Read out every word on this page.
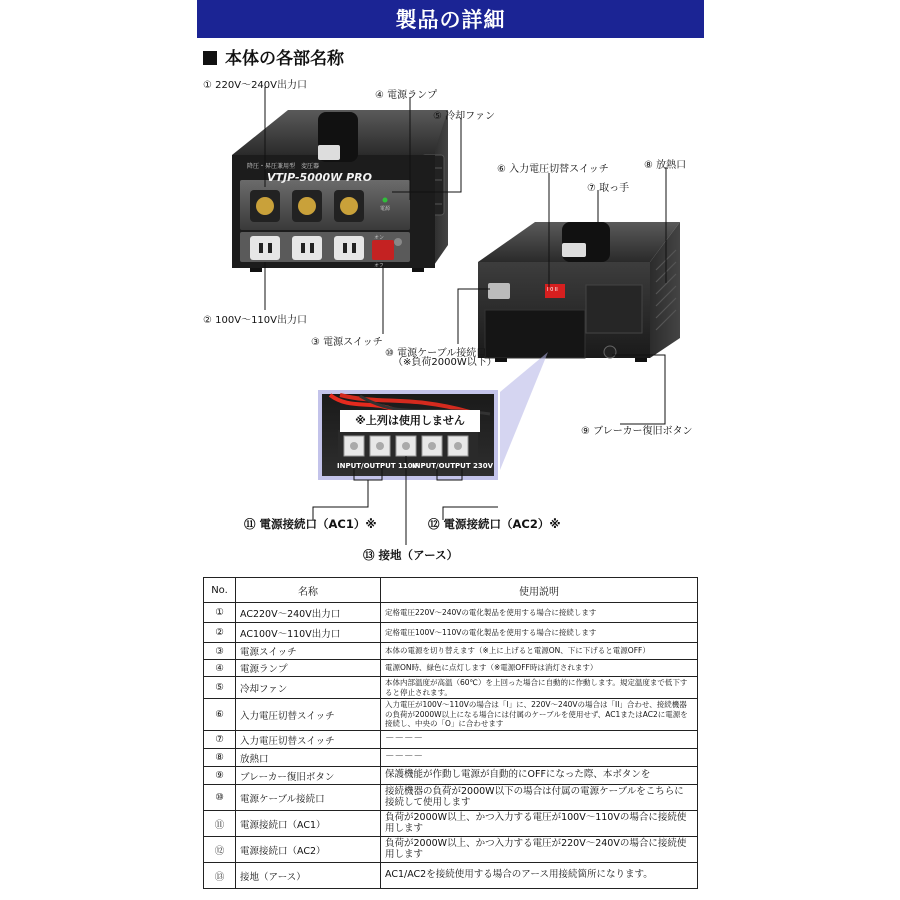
製品の詳細
本体の各部名称
降圧・昇圧兼用型　変圧器
VTJP-5000W PRO
電源
オン
オフ
I 0 II
※上列は使用しません
INPUT/OUTPUT 110V
INPUT/OUTPUT 230V
① 220V～240V出力口
② 100V～110V出力口
③ 電源スイッチ
④ 電源ランプ
⑤ 冷却ファン
⑥ 入力電圧切替スイッチ
⑦ 取っ手
⑧ 放熱口
⑨ ブレーカー復旧ボタン
⑩ 電源ケーブル接続口
（※負荷2000W以下）
⑪ 電源接続口（AC1）※	⑫ 電源接続口（AC2）※
⑬ 接地（アース）
No.	名称	使用説明
①	AC220V～240V出力口	定格電圧220V～240Vの電化製品を使用する場合に接続します
②	AC100V～110V出力口	定格電圧100V～110Vの電化製品を使用する場合に接続します
③	電源スイッチ	本体の電源を切り替えます（※上に上げると電源ON、下に下げると電源OFF）
④	電源ランプ	電源ON時、緑色に点灯します（※電源OFF時は消灯されます）
⑤	冷却ファン	本体内部温度が高温（60℃）を上回った場合に自動的に作動します。規定温度まで低下すると停止されます。
⑥	入力電圧切替スイッチ	入力電圧が100V～110Vの場合は「I」に、220V～240Vの場合は「II」合わせ、接続機器の負荷が2000W以上になる場合には付属のケーブルを使用せず、AC1またはAC2に電源を接続し、中央の「O」に合わせます
⑦	入力電圧切替スイッチ	－－－－
⑧	放熱口	－－－－
⑨	ブレーカー復旧ボタン	保護機能が作動し電源が自動的にOFFになった際、本ボタンを
⑩	電源ケーブル接続口	接続機器の負荷が2000W以下の場合は付属の電源ケーブルをこちらに接続して使用します
⑪	電源接続口（AC1）	負荷が2000W以上、かつ入力する電圧が100V～110Vの場合に接続使用します
⑫	電源接続口（AC2）	負荷が2000W以上、かつ入力する電圧が220V～240Vの場合に接続使用します
⑬	接地（アース）	AC1/AC2を接続使用する場合のアース用接続箇所になります。
